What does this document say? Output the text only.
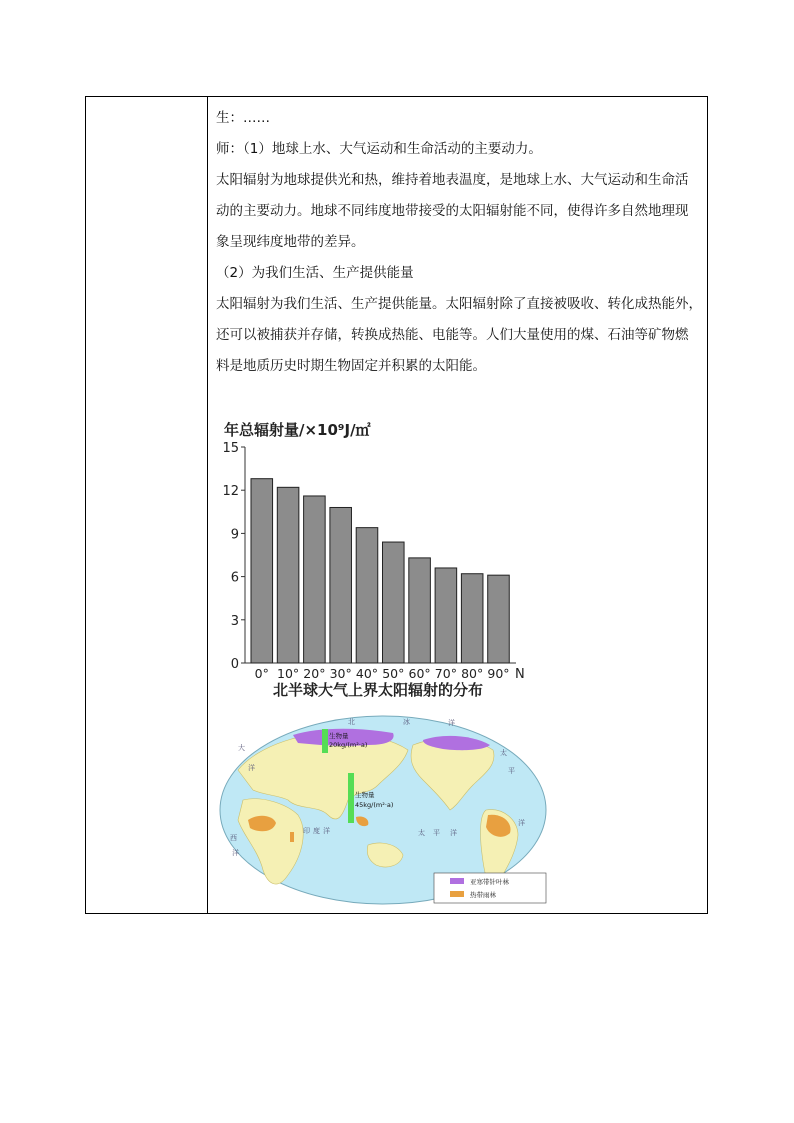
生：……
师：（1）地球上水、大气运动和生命活动的主要动力。
太阳辐射为地球提供光和热，维持着地表温度，是地球上水、大气运动和生命活
动的主要动力。地球不同纬度地带接受的太阳辐射能不同，使得许多自然地理现
象呈现纬度地带的差异。
（2）为我们生活、生产提供能量
太阳辐射为我们生活、生产提供能量。太阳辐射除了直接被吸收、转化成热能外，
还可以被捕获并存储，转换成热能、电能等。人们大量使用的煤、石油等矿物燃
料是地质历史时期生物固定并积累的太阳能。
年总辐射量/×10⁹J/㎡
0
3
6
9
12
15
0° 10° 20° 30° 40° 50° 60° 70° 80° 90° N
北半球大气上界太阳辐射的分布
生物量
20kg/(m²·a)
生物量
45kg/(m²·a)
北	冰	洋
大
洋
西
洋
印 度 洋	太 平 洋
太
平
洋
亚寒带针叶林
热带雨林
